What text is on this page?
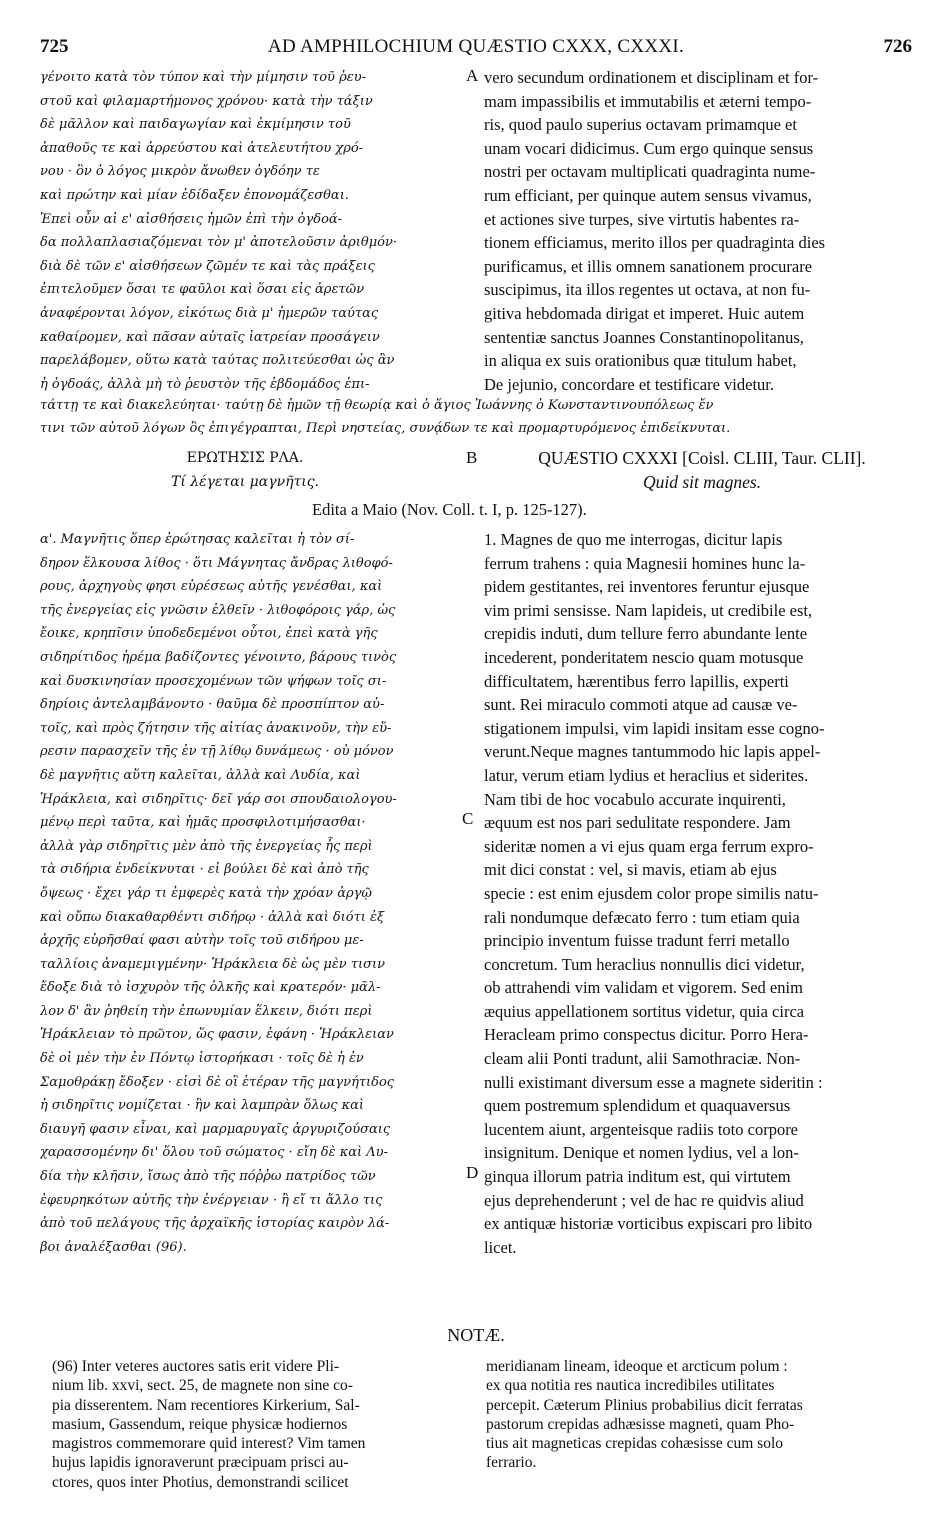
725	AD AMPHILOCHIUM QUÆSTIO CXXX, CXXXI.	726
γένοιτο κατὰ τὸν τύπον καὶ τὴν μίμησιν τοῦ ῥευ-
στοῦ καὶ φιλαμαρτήμονος χρόνου· κατὰ τὴν τάξιν
δὲ μᾶλλον καὶ παιδαγωγίαν καὶ ἐκμίμησιν τοῦ
ἀπαθοῦς τε καὶ ἀρρεύστου καὶ ἀτελευτήτου χρό-
νου · ὃν ὁ λόγος μικρὸν ἄνωθεν ὀγδόην τε
καὶ πρώτην καὶ μίαν ἐδίδαξεν ἐπονομάζεσθαι.
Ἐπεὶ οὖν αἱ ε' αἰσθήσεις ἡμῶν ἐπὶ τὴν ὀγδοά-
δα πολλαπλασιαζόμεναι τὸν μ' ἀποτελοῦσιν ἀριθμόν·
διὰ δὲ τῶν ε' αἰσθήσεων ζῶμέν τε καὶ τὰς πράξεις
ἐπιτελοῦμεν ὅσαι τε φαῦλοι καὶ ὅσαι εἰς ἀρετῶν
ἀναφέρονται λόγον, εἰκότως διὰ μ' ἡμερῶν ταύτας
καθαίρομεν, καὶ πᾶσαν αὐταῖς ἰατρείαν προσάγειν
παρελάβομεν, οὕτω κατὰ ταύτας πολιτεύεσθαι ὡς ἂν
ἡ ὀγδοάς, ἀλλὰ μὴ τὸ ῥευστὸν τῆς ἑβδομάδος ἐπι-
A vero secundum ordinationem et disciplinam et for-
mam impassibilis et immutabilis et æterni tempo-
ris, quod paulo superius octavam primamque et
unam vocari didicimus. Cum ergo quinque sensus
nostri per octavam multiplicati quadraginta nume-
rum efficiant, per quinque autem sensus vivamus,
et actiones sive turpes, sive virtutis habentes ra-
tionem efficiamus, merito illos per quadraginta dies
purificamus, et illis omnem sanationem procurare
suscipimus, ita illos regentes ut octava, at non fu-
gitiva hebdomada dirigat et imperet. Huic autem
sententiæ sanctus Joannes Constantinopolitanus,
in aliqua ex suis orationibus quæ titulum habet,
De jejunio, concordare et testificare videtur.
τάττῃ τε καὶ διακελεύηται· ταύτῃ δὲ ἡμῶν τῇ θεωρίᾳ καὶ ὁ ἅγιος Ἰωάννης ὁ Κωνσταντινουπόλεως ἔν
τινι τῶν αὐτοῦ λόγων ὃς ἐπιγέγραπται, Περὶ νηστείας, συνᾴδων τε καὶ προμαρτυρόμενος ἐπιδείκνυται.
ΕΡΩΤΗΣΙΣ ΡΛΑ.	B	QUÆSTIO CXXXI [Coisl. CLIII, Taur. CLII].
Τί λέγεται μαγνῆτις.	Quid sit magnes.
Edita a Maio (Nov. Coll. t. I, p. 125-127).
α'. Μαγνῆτις ὅπερ ἐρώτησας καλεῖται ἡ τὸν σί-
δηρον ἕλκουσα λίθος · ὅτι Μάγνητας ἄνδρας λιθοφό-
ρους, ἀρχηγοὺς φησι εὑρέσεως αὐτῆς γενέσθαι, καὶ
τῆς ἐνεργείας εἰς γνῶσιν ἐλθεῖν · λιθοφόροις γάρ, ὡς
ἔοικε, κρηπῖσιν ὑποδεδεμένοι οὗτοι, ἐπεὶ κατὰ γῆς
σιδηρίτιδος ἠρέμα βαδίζοντες γένοιντο, βάρους τινὸς
καὶ δυσκινησίαν προσεχομένων τῶν ψήφων τοῖς σι-
δηρίοις ἀντελαμβάνοντο · θαῦμα δὲ προσπίπτον αὐ-
τοῖς, καὶ πρὸς ζήτησιν τῆς αἰτίας ἀνακινοῦν, τὴν εὕ-
ρεσιν παρασχεῖν τῆς ἐν τῇ λίθῳ δυνάμεως · οὐ μόνον
δὲ μαγνῆτις αὕτη καλεῖται, ἀλλὰ καὶ Λυδία, καὶ
Ἡράκλεια, καὶ σιδηρῖτις· δεῖ γάρ σοι σπουδαιολογου-
μένῳ περὶ ταῦτα, καὶ ἡμᾶς προσφιλοτιμήσασθαι·
ἀλλὰ γὰρ σιδηρῖτις μὲν ἀπὸ τῆς ἐνεργείας ἧς περὶ
τὰ σιδήρια ἐνδείκνυται · εἰ βούλει δὲ καὶ ἀπὸ τῆς
ὄψεως · ἔχει γάρ τι ἐμφερὲς κατὰ τὴν χρόαν ἀργῷ
καὶ οὔπω διακαθαρθέντι σιδήρῳ · ἀλλὰ καὶ διότι ἐξ
ἀρχῆς εὑρῆσθαί φασι αὐτὴν τοῖς τοῦ σιδήρου με-
ταλλίοις ἀναμεμιγμένην· Ἡράκλεια δὲ ὡς μὲν τισιν
ἔδοξε διὰ τὸ ἰσχυρὸν τῆς ὁλκῆς καὶ κρατερόν· μᾶλ-
λον δ' ἂν ῥηθείη τὴν ἐπωνυμίαν ἕλκειν, διότι περὶ
Ἡράκλειαν τὸ πρῶτον, ὥς φασιν, ἐφάνη · Ἡράκλειαν
δὲ οἱ μὲν τὴν ἐν Πόντῳ ἱστορήκασι · τοῖς δὲ ἡ ἐν
Σαμοθράκῃ ἔδοξεν · εἰσὶ δὲ οἳ ἑτέραν τῆς μαγνήτιδος
ἡ σιδηρῖτις νομίζεται · ἣν καὶ λαμπρὰν ὅλως καὶ
διαυγῆ φασιν εἶναι, καὶ μαρμαρυγαῖς ἀργυριζούσαις
χαρασσομένην δι' ὅλου τοῦ σώματος · εἴη δὲ καὶ Λυ-
δία τὴν κλῆσιν, ἴσως ἀπὸ τῆς πόῤῥω πατρίδος τῶν
ἐφευρηκότων αὐτῆς τὴν ἐνέργειαν · ἢ εἴ τι ἄλλο τις
ἀπὸ τοῦ πελάγους τῆς ἀρχαϊκῆς ἱστορίας καιρὸν λά-
βοι ἀναλέξασθαι (96).
C
D
1. Magnes de quo me interrogas, dicitur lapis
ferrum trahens : quia Magnesii homines hunc la-
pidem gestitantes, rei inventores feruntur ejusque
vim primi sensisse. Nam lapideis, ut credibile est,
crepidis induti, dum tellure ferro abundante lente
incederent, ponderitatem nescio quam motusque
difficultatem, hærentibus ferro lapillis, experti
sunt. Rei miraculo commoti atque ad causæ ve-
stigationem impulsi, vim lapidi insitam esse cogno-
verunt.Neque magnes tantummodo hic lapis appel-
latur, verum etiam lydius et heraclius et siderites.
Nam tibi de hoc vocabulo accurate inquirenti,
æquum est nos pari sedulitate respondere. Jam
sideritæ nomen a vi ejus quam erga ferrum expro-
mit dici constat : vel, si mavis, etiam ab ejus
specie : est enim ejusdem color prope similis natu-
rali nondumque defæcato ferro : tum etiam quia
principio inventum fuisse tradunt ferri metallo
concretum. Tum heraclius nonnullis dici videtur,
ob attrahendi vim validam et vigorem. Sed enim
æquius appellationem sortitus videtur, quia circa
Heracleam primo conspectus dicitur. Porro Hera-
cleam alii Ponti tradunt, alii Samothraciæ. Non-
nulli existimant diversum esse a magnete sideritin :
quem postremum splendidum et quaquaversus
lucentem aiunt, argenteisque radiis toto corpore
insignitum. Denique et nomen lydius, vel a lon-
ginqua illorum patria inditum est, qui virtutem
ejus deprehenderunt ; vel de hac re quidvis aliud
ex antiquæ historiæ vorticibus expiscari pro libito
licet.
NOTÆ.
(96) Inter veteres auctores satis erit videre Pli-
nium lib. xxvi, sect. 25, de magnete non sine co-
pia disserentem. Nam recentiores Kirkerium, Sal-
masium, Gassendum, reique physicæ hodiernos
magistros commemorare quid interest? Vim tamen
hujus lapidis ignoraverunt præcipuam prisci au-
ctores, quos inter Photius, demonstrandi scilicet
meridianam lineam, ideoque et arcticum polum :
ex qua notitia res nautica incredibiles utilitates
percepit. Cæterum Plinius probabilius dicit ferratas
pastorum crepidas adhæsisse magneti, quam Pho-
tius ait magneticas crepidas cohæsisse cum solo
ferrario.
